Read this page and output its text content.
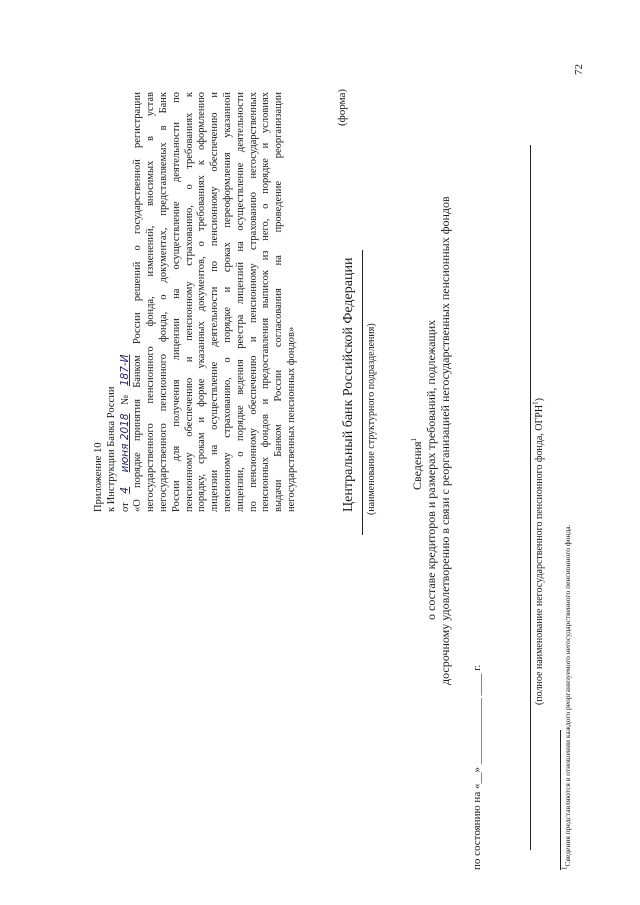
Приложение 10 к Инструкции Банка России от 4 июня 2018 № 187-И «О порядке принятия Банком России решений о государственной регистрации негосударственного пенсионного фонда, изменений, вносимых в устав негосударственного пенсионного фонда, о документах, представляемых в Банк России для получения лицензии на осуществление деятельности по пенсионному обеспечению и пенсионному страхованию, о требованиях к порядку, срокам и форме указанных документов, о требованиях к оформлению лицензии на осуществление деятельности по пенсионному обеспечению и пенсионному страхованию, о порядке и сроках переоформления указанной лицензии, о порядке ведения реестра лицензий на осуществление деятельности по пенсионному обеспечению и пенсионному страхованию негосударственных пенсионных фондов и предоставления выписок из него, о порядке и условиях выдачи Банком России согласования на проведение реорганизации негосударственных пенсионных фондов»
(форма)
Центральный банк Российской Федерации (наименование структурного подразделения)	Сведения$^1$ о составе кредиторов и размерах требований, подлежащих досрочному удовлетворению в связи с реорганизацией негосударственных пенсионных фондов
по состоянию на «__» ____________ ____ г.	(полное наименование негосударственного пенсионного фонда, ОГРН$^1$)
$^1$Сведения представляются в отношении каждого реорганизуемого негосударственного пенсионного фонда.
72
